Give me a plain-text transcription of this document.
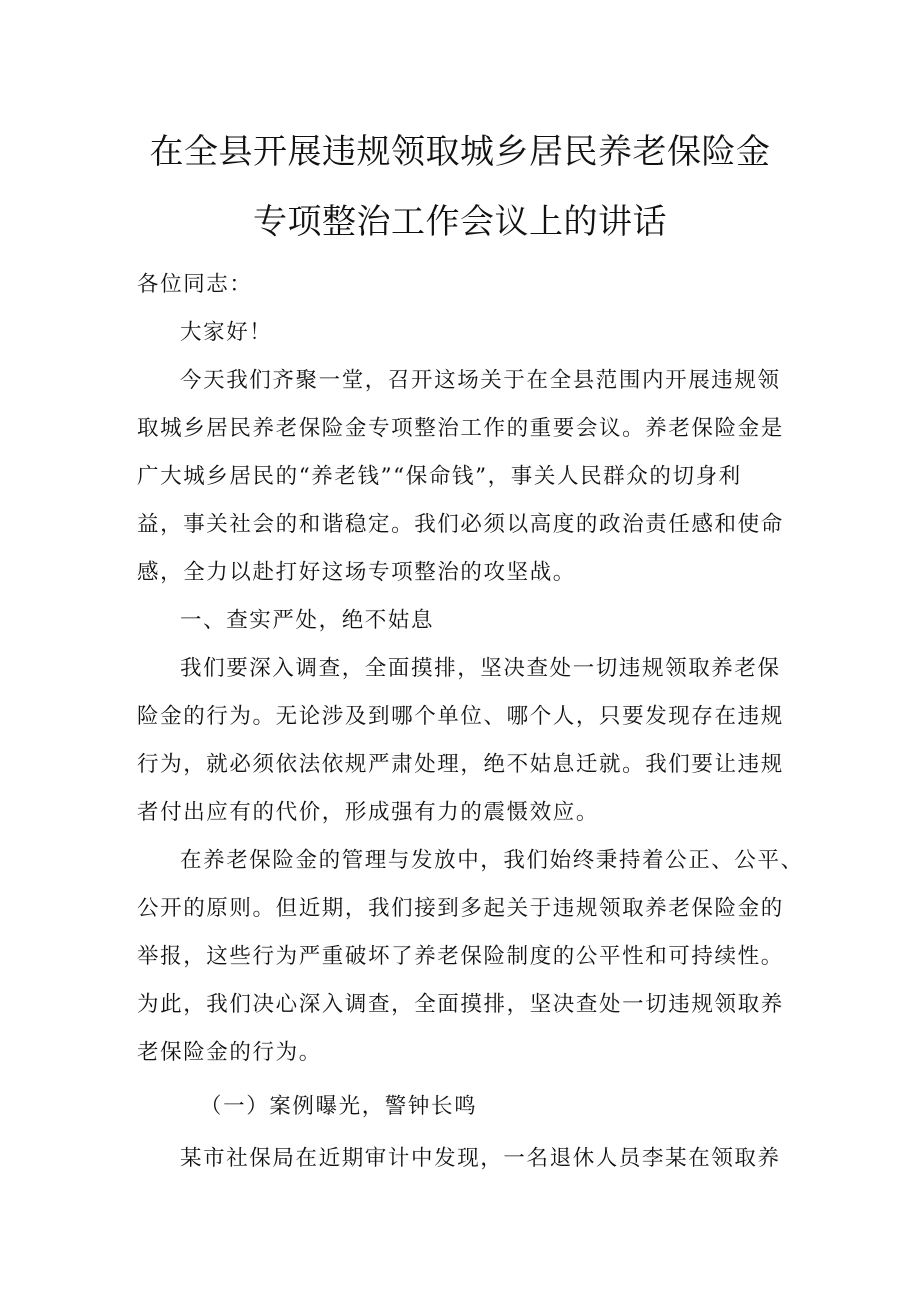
在全县开展违规领取城乡居民养老保险金
专项整治工作会议上的讲话
各位同志：
大家好！
今天我们齐聚一堂，召开这场关于在全县范围内开展违规领
取城乡居民养老保险金专项整治工作的重要会议。养老保险金是
广大城乡居民的“养老钱”“保命钱”，事关人民群众的切身利
益，事关社会的和谐稳定。我们必须以高度的政治责任感和使命
感，全力以赴打好这场专项整治的攻坚战。
一、查实严处，绝不姑息
我们要深入调查，全面摸排，坚决查处一切违规领取养老保
险金的行为。无论涉及到哪个单位、哪个人，只要发现存在违规
行为，就必须依法依规严肃处理，绝不姑息迁就。我们要让违规
者付出应有的代价，形成强有力的震慑效应。
在养老保险金的管理与发放中，我们始终秉持着公正、公平、
公开的原则。但近期，我们接到多起关于违规领取养老保险金的
举报，这些行为严重破坏了养老保险制度的公平性和可持续性。
为此，我们决心深入调查，全面摸排，坚决查处一切违规领取养
老保险金的行为。
（一）案例曝光，警钟长鸣
某市社保局在近期审计中发现，一名退休人员李某在领取养
